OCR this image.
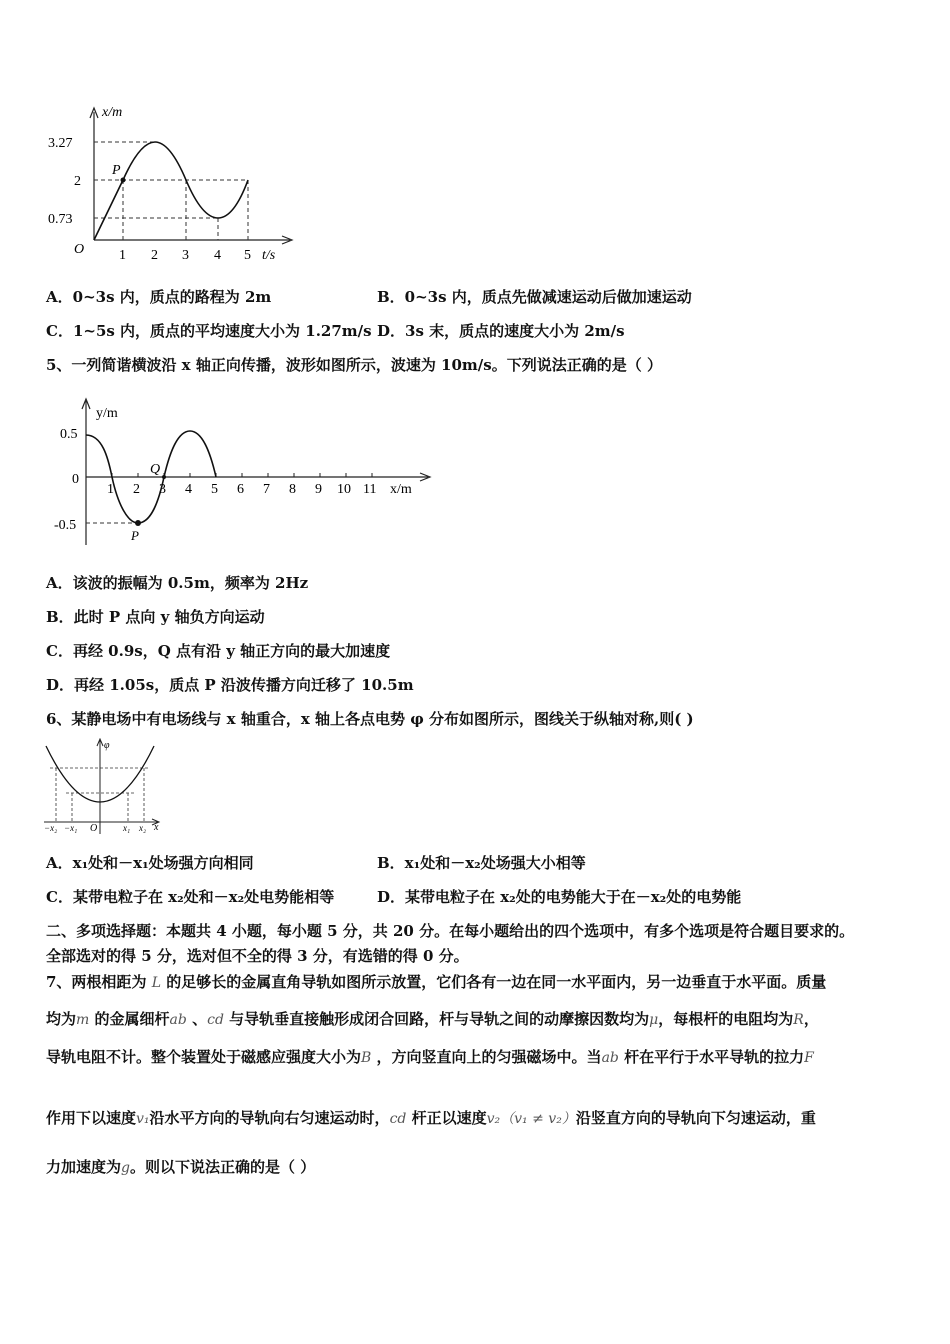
x/m
3.27
2
0.73
O
P
1 2 3 4 5 t/s
A．0~3s 内，质点的路程为 2m	B．0~3s 内，质点先做减速运动后做加速运动
C．1~5s 内，质点的平均速度大小为 1.27m/s D．3s 末，质点的速度大小为 2m/s
5、一列简谐横波沿 x 轴正向传播，波形如图所示，波速为 10m/s。下列说法正确的是（ ）
y/m
0.5
0
-0.5
Q
P
1 2 3 4 5 6 7 8 9 10 11 x/m
A．该波的振幅为 0.5m，频率为 2Hz
B．此时 P 点向 y 轴负方向运动
C．再经 0.9s，Q 点有沿 y 轴正方向的最大加速度
D．再经 1.05s，质点 P 沿波传播方向迁移了 10.5m
6、某静电场中有电场线与 x 轴重合，x 轴上各点电势 φ 分布如图所示，图线关于纵轴对称,则( )
φ
x
−x₂ −x₁ O	x₁ x₂
A．x₁处和－x₁处场强方向相同	B．x₁处和－x₂处场强大小相等
C．某带电粒子在 x₂处和－x₂处电势能相等	D．某带电粒子在 x₂处的电势能大于在－x₂处的电势能
二、多项选择题：本题共 4 小题，每小题 5 分，共 20 分。在每小题给出的四个选项中，有多个选项是符合题目要求的。
全部选对的得 5 分，选对但不全的得 3 分，有选错的得 0 分。
7、两根相距为 L 的足够长的金属直角导轨如图所示放置，它们各有一边在同一水平面内，另一边垂直于水平面。质量
均为m 的金属细杆ab 、cd 与导轨垂直接触形成闭合回路，杆与导轨之间的动摩擦因数均为μ，每根杆的电阻均为R，
导轨电阻不计。整个装置处于磁感应强度大小为B ，方向竖直向上的匀强磁场中。当ab 杆在平行于水平导轨的拉力F
作用下以速度v₁沿水平方向的导轨向右匀速运动时，cd 杆正以速度v₂（v₁ ≠ v₂）沿竖直方向的导轨向下匀速运动，重
力加速度为g。则以下说法正确的是（ ）
